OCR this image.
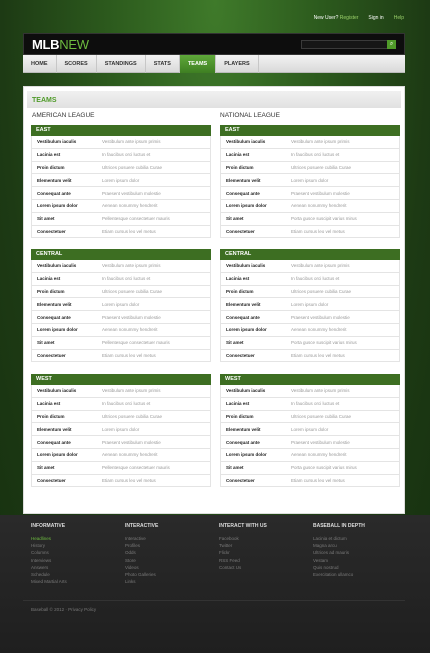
New User? Register Sign in Help
MLBNEW	⌕
HOME	SCORES	STANDINGS	STATS	TEAMS	PLAYERS
TEAMS
AMERICAN LEAGUE	NATIONAL LEAGUE
EAST
Vestibulum iaculis	Vestibulum ante ipsum primis
Lacinia est	In faucibus orci luctus et
Proin dictum	Ultrices posuere cubilia Curae
Elementum velit	Lorem ipsum dolor
Consequat ante	Praesent vestibulum molestie
Lorem ipsum dolor	Aenean nonummy hendrerit
Sit amet	Pellentesque consectetuer mauris
Consectetuer	Etiam cursus leo vel metus
CENTRAL
Vestibulum iaculis	Vestibulum ante ipsum primis
Lacinia est	In faucibus orci luctus et
Proin dictum	Ultrices posuere cubilia Curae
Elementum velit	Lorem ipsum dolor
Consequat ante	Praesent vestibulum molestie
Lorem ipsum dolor	Aenean nonummy hendrerit
Sit amet	Pellentesque consectetuer mauris
Consectetuer	Etiam cursus leo vel metus
WEST
Vestibulum iaculis	Vestibulum ante ipsum primis
Lacinia est	In faucibus orci luctus et
Proin dictum	Ultrices posuere cubilia Curae
Elementum velit	Lorem ipsum dolor
Consequat ante	Praesent vestibulum molestie
Lorem ipsum dolor	Aenean nonummy hendrerit
Sit amet	Pellentesque consectetuer mauris
Consectetuer	Etiam cursus leo vel metus
EAST
Vestibulum iaculis	Vestibulum ante ipsum primis
Lacinia est	In faucibus orci luctus et
Proin dictum	Ultrices posuere cubilia Curae
Elementum velit	Lorem ipsum dolor
Consequat ante	Praesent vestibulum molestie
Lorem ipsum dolor	Aenean nonummy hendrerit
Sit amet	Porta gusce suscipit varius mirus
Consectetuer	Etiam cursus leo vel metus
CENTRAL
Vestibulum iaculis	Vestibulum ante ipsum primis
Lacinia est	In faucibus orci luctus et
Proin dictum	Ultrices posuere cubilia Curae
Elementum velit	Lorem ipsum dolor
Consequat ante	Praesent vestibulum molestie
Lorem ipsum dolor	Aenean nonummy hendrerit
Sit amet	Porta gusce suscipit varius mirus
Consectetuer	Etiam cursus leo vel metus
WEST
Vestibulum iaculis	Vestibulum ante ipsum primis
Lacinia est	In faucibus orci luctus et
Proin dictum	Ultrices posuere cubilia Curae
Elementum velit	Lorem ipsum dolor
Consequat ante	Praesent vestibulum molestie
Lorem ipsum dolor	Aenean nonummy hendrerit
Sit amet	Porta gusce suscipit varius mirus
Consectetuer	Etiam cursus leo vel metus
INFORMATIVE
Headlines
History
Columns
Interviews
Answers
Schedule
Mixed Martial Arts
INTERACTIVE
Interactive
Profiles
Odds
Store
Videos
Photo Galleries
Links
INTERACT WITH US
Facebook
Twitter
Flickr
RSS Feed
Contact Us
BASEBALL IN DEPTH
Lacinia et dictum
Magna arcu
Ultrices ad mauris
Vestam
Quis nostrud
Exercitation ullamco
Baseball © 2012 · Privacy Policy
